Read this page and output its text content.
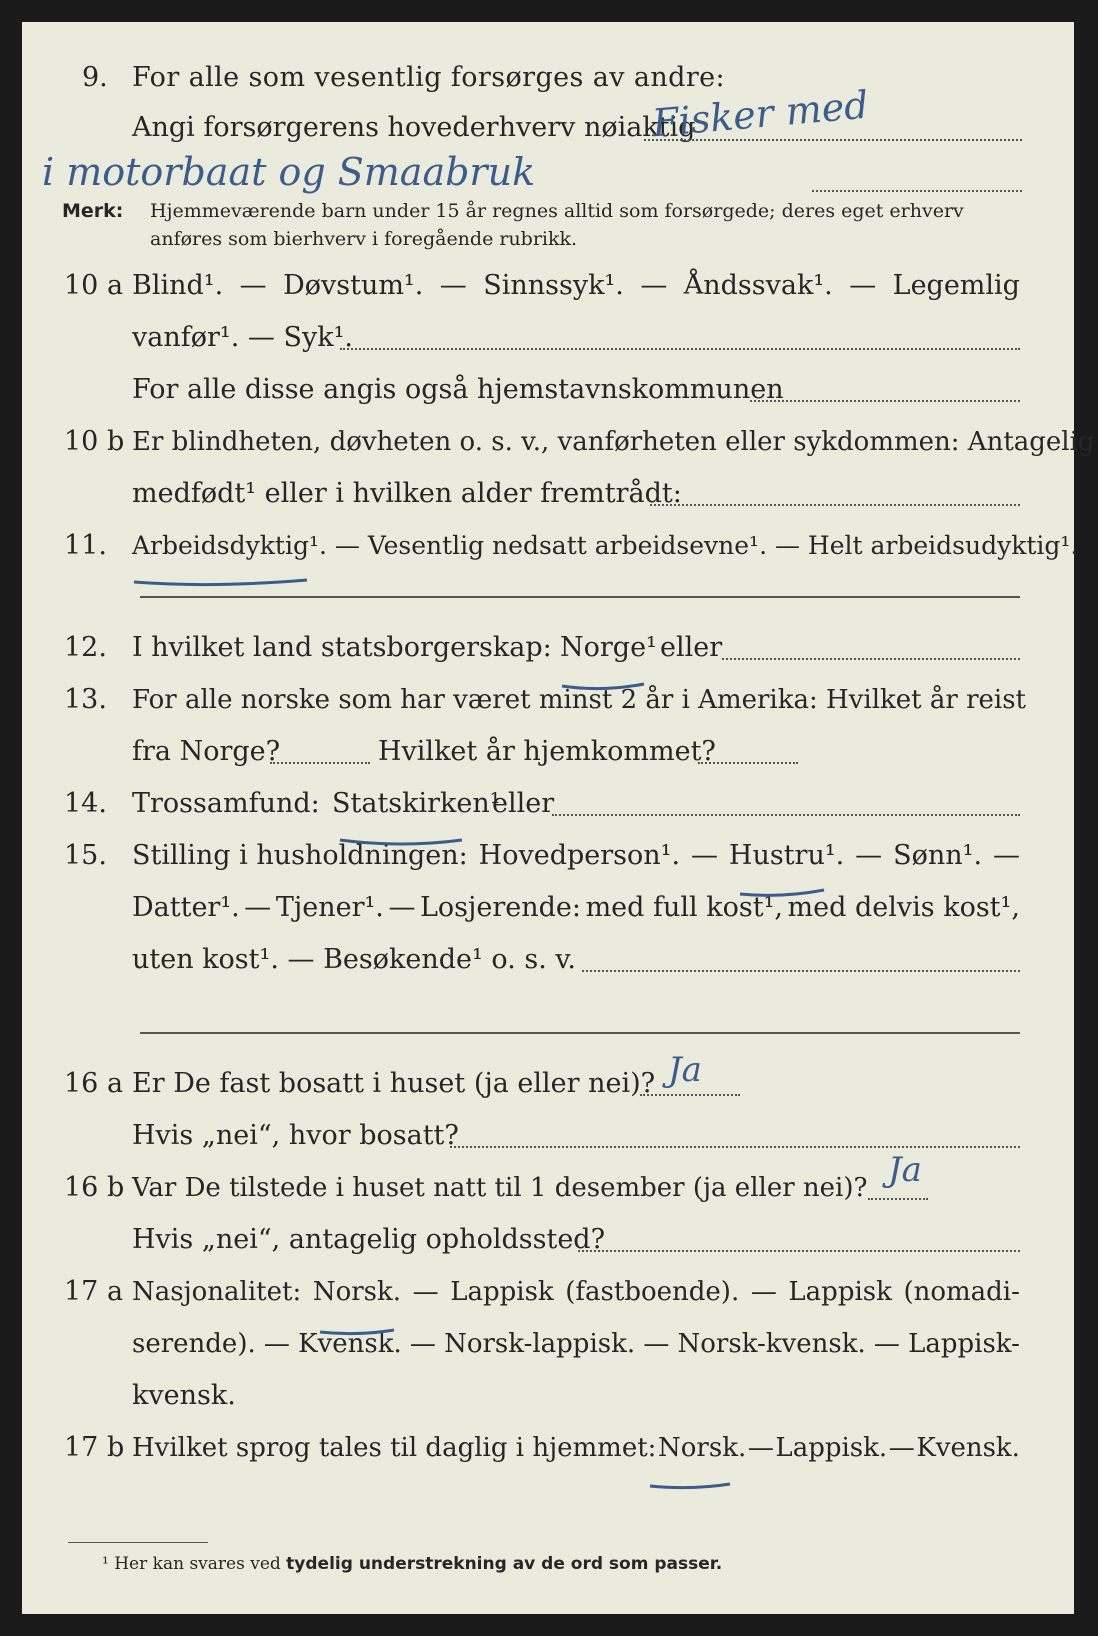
9. For alle som vesentlig forsørges av andre:
Angi forsørgerens hovederhverv nøiaktig
Fisker med
i motorbaat og Smaabruk
Merk: Hjemmeværende barn under 15 år regnes alltid som forsørgede; deres eget erhverv
anføres som bierhverv i foregående rubrikk.
10 a Blind¹. — Døvstum¹. — Sinnssyk¹. — Åndssvak¹. — Legemlig
vanfør¹. — Syk¹.
For alle disse angis også hjemstavnskommunen
10 b Er blindheten, døvheten o. s. v., vanførheten eller sykdommen: Antagelig
medfødt¹ eller i hvilken alder fremtrådt:
11. Arbeidsdyktig¹. — Vesentlig nedsatt arbeidsevne¹. — Helt arbeidsudyktig¹.
12. I hvilket land statsborgerskap: Norge¹ eller
13. For alle norske som har været minst 2 år i Amerika: Hvilket år reist
fra Norge?	Hvilket år hjemkommet?
14. Trossamfund: Statskirken¹
eller
15. Stilling i husholdningen: Hovedperson¹. — Hustru¹. — Sønn¹. —
Datter¹. — Tjener¹. — Losjerende: med full kost¹, med delvis kost¹,
uten kost¹. — Besøkende¹ o. s. v.
16 a Er De fast bosatt i huset (ja eller nei)? Ja
Hvis „nei“, hvor bosatt?
16 b Var De tilstede i huset natt til 1 desember (ja eller nei)? Ja
Hvis „nei“, antagelig opholdssted?
17 a Nasjonalitet: Norsk. — Lappisk (fastboende). — Lappisk (nomadi-
serende). — Kvensk. — Norsk-lappisk. — Norsk-kvensk. — Lappisk-
kvensk.
17 b Hvilket sprog tales til daglig i hjemmet: Norsk. — Lappisk. — Kvensk.
¹ Her kan svares ved tydelig understrekning av de ord som passer.
